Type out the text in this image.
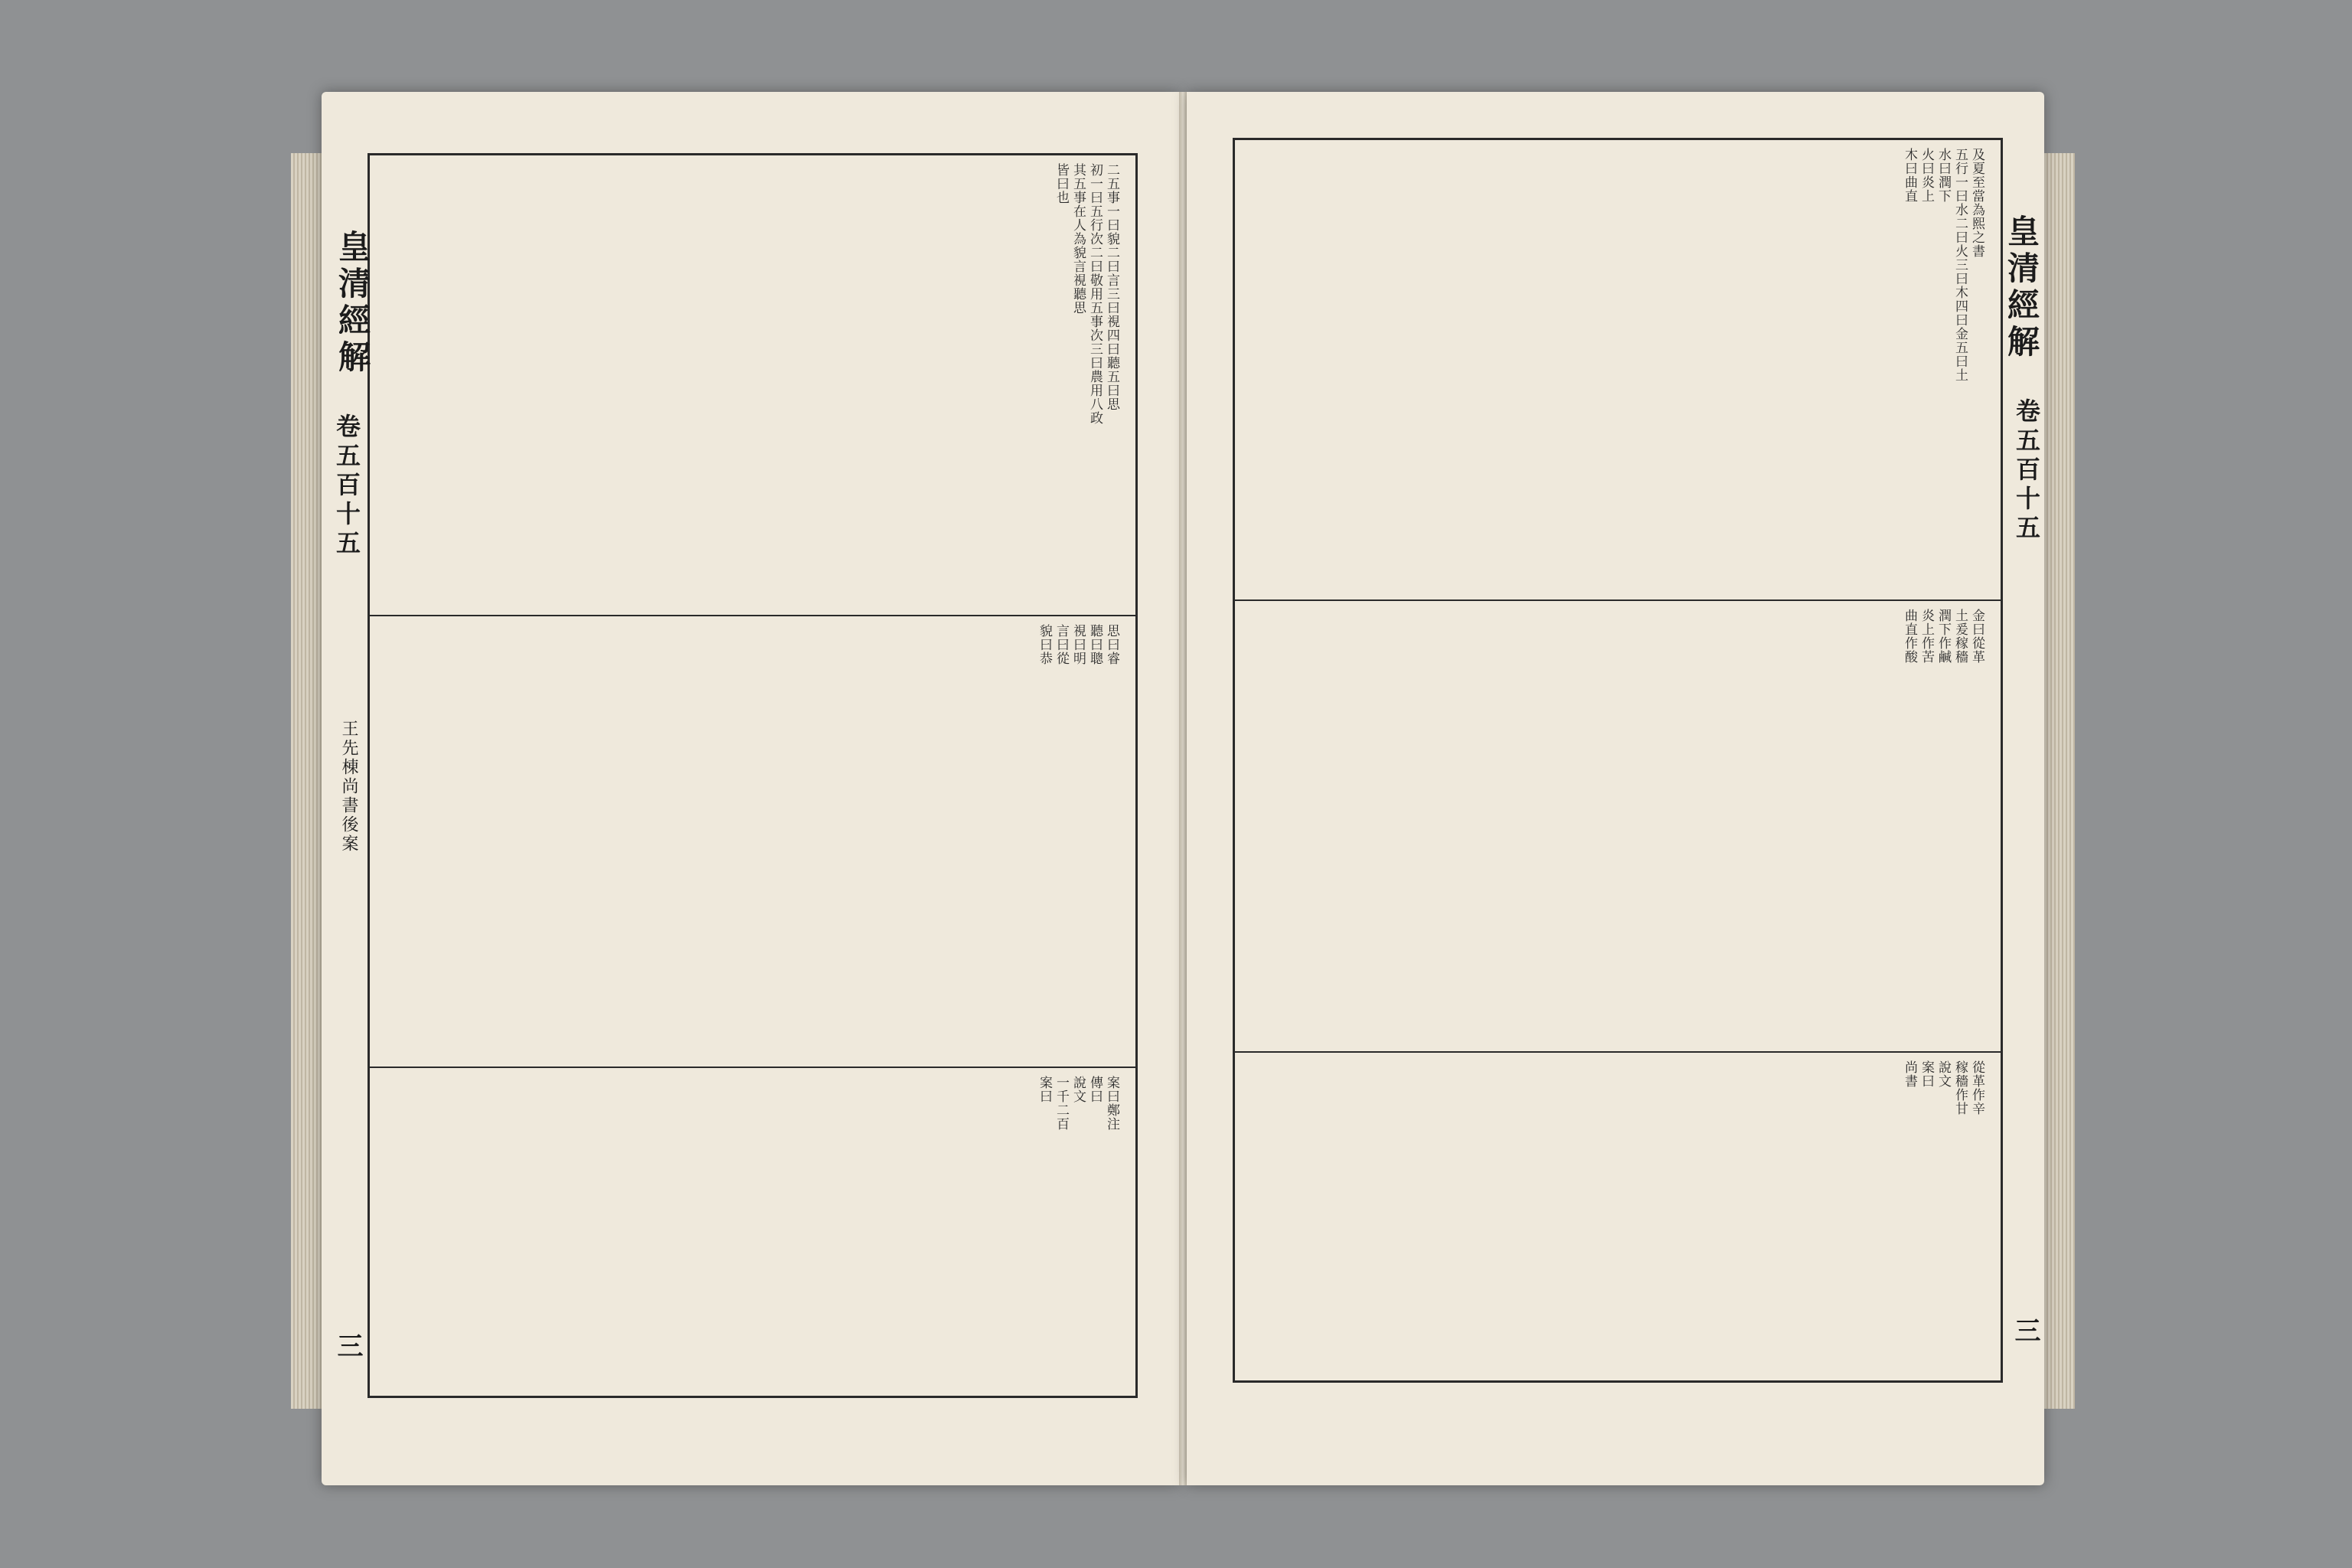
二五事一曰貌二曰言三曰視四曰聽五曰思
初一曰五行次二曰敬用五事次三曰農用八政
其五事在人為貌言視聽思
皆曰也
思曰睿
聽曰聰
視曰明
言曰從
貌曰恭
案曰鄭注
傳曰
說文
一千二百
案曰
皇清經解
卷五百十五
王先棟尚書後案
三
及夏至當為熙之書
五行一曰水二曰火三曰木四曰金五曰土
水曰潤下
火曰炎上
木曰曲直
金曰從革
土爰稼穡
潤下作鹹
炎上作苦
曲直作酸
從革作辛
稼穡作甘
說文
案曰
尚書
皇清經解
卷五百十五
三
